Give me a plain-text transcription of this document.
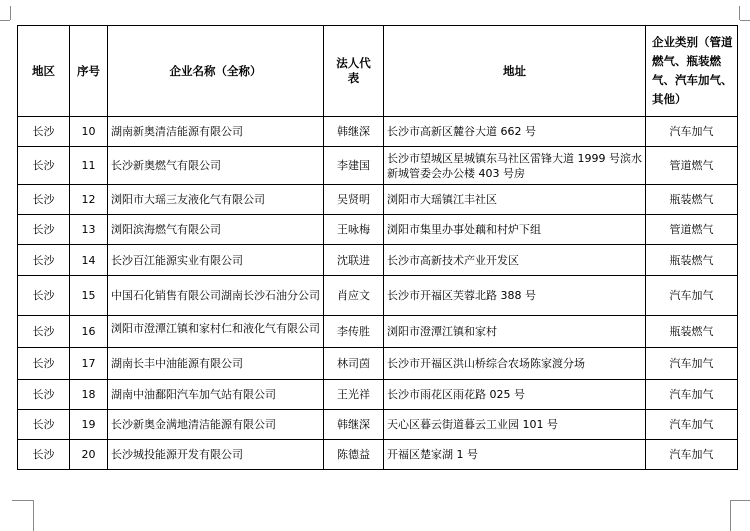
地区	序号	企业名称（全称）	法人代表	地址	企业类别（管道燃气、瓶装燃气、汽车加气、其他）
长沙	10	湖南新奥清洁能源有限公司	韩继深	长沙市高新区麓谷大道 662 号	汽车加气
长沙	11	长沙新奥燃气有限公司	李建国	长沙市望城区星城镇东马社区雷锋大道 1999 号滨水新城管委会办公楼 403 号房	管道燃气
长沙	12	浏阳市大瑶三友液化气有限公司	吴贤明	浏阳市大瑶镇江丰社区	瓶装燃气
长沙	13	浏阳滨海燃气有限公司	王咏梅	浏阳市集里办事处藕和村炉下组	管道燃气
长沙	14	长沙百江能源实业有限公司	沈联进	长沙市高新技术产业开发区	瓶装燃气
长沙	15	中国石化销售有限公司湖南长沙石油分公司	肖应文	长沙市开福区芙蓉北路 388 号	汽车加气
长沙	16	浏阳市澄潭江镇和家村仁和液化气有限公司	李传胜	浏阳市澄潭江镇和家村	瓶装燃气
长沙	17	湖南长丰中油能源有限公司	林司茵	长沙市开福区洪山桥综合农场陈家渡分场	汽车加气
长沙	18	湖南中油鄱阳汽车加气站有限公司	王光祥	长沙市雨花区雨花路 025 号	汽车加气
长沙	19	长沙新奥金满地清洁能源有限公司	韩继深	天心区暮云街道暮云工业园 101 号	汽车加气
长沙	20	长沙城投能源开发有限公司	陈德益	开福区楚家湖 1 号	汽车加气
